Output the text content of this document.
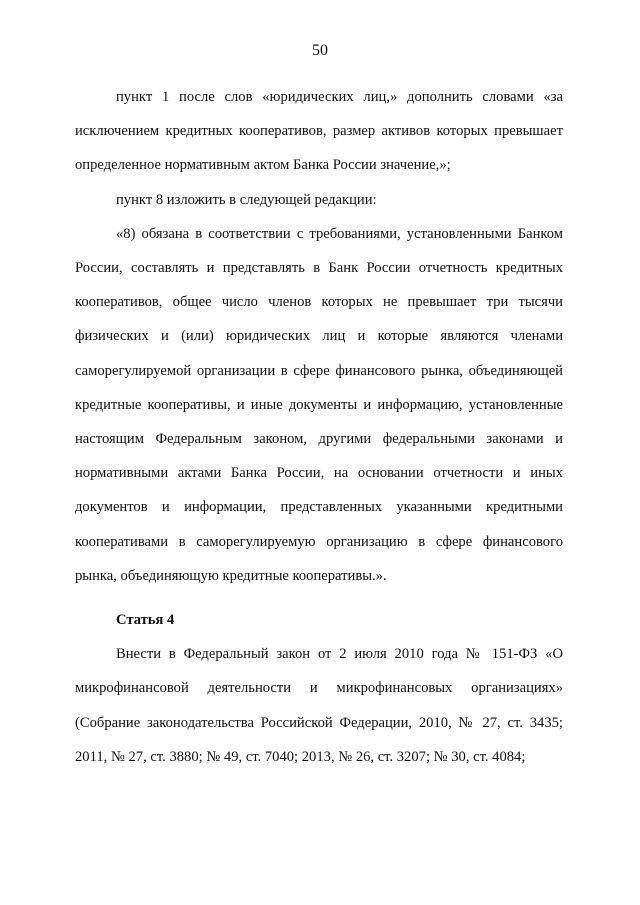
50

пункт 1 после слов «юридических лиц,» дополнить словами «за исключением кредитных кооперативов, размер активов которых превышает определенное нормативным актом Банка России значение,»;

пункт 8 изложить в следующей редакции:

«8) обязана в соответствии с требованиями, установленными Банком России, составлять и представлять в Банк России отчетность кредитных кооперативов, общее число членов которых не превышает три тысячи физических и (или) юридических лиц и которые являются членами саморегулируемой организации в сфере финансового рынка, объединяющей кредитные кооперативы, и иные документы и информацию, установленные настоящим Федеральным законом, другими федеральными законами и нормативными актами Банка России, на основании отчетности и иных документов и информации, представленных указанными кредитными кооперативами в саморегулируемую организацию в сфере финансового рынка, объединяющую кредитные кооперативы.».

Статья 4

Внести в Федеральный закон от 2 июля 2010 года № 151-ФЗ «О микрофинансовой деятельности и микрофинансовых организациях» (Собрание законодательства Российской Федерации, 2010, № 27, ст. 3435; 2011, № 27, ст. 3880; № 49, ст. 7040; 2013, № 26, ст. 3207; № 30, ст. 4084;
